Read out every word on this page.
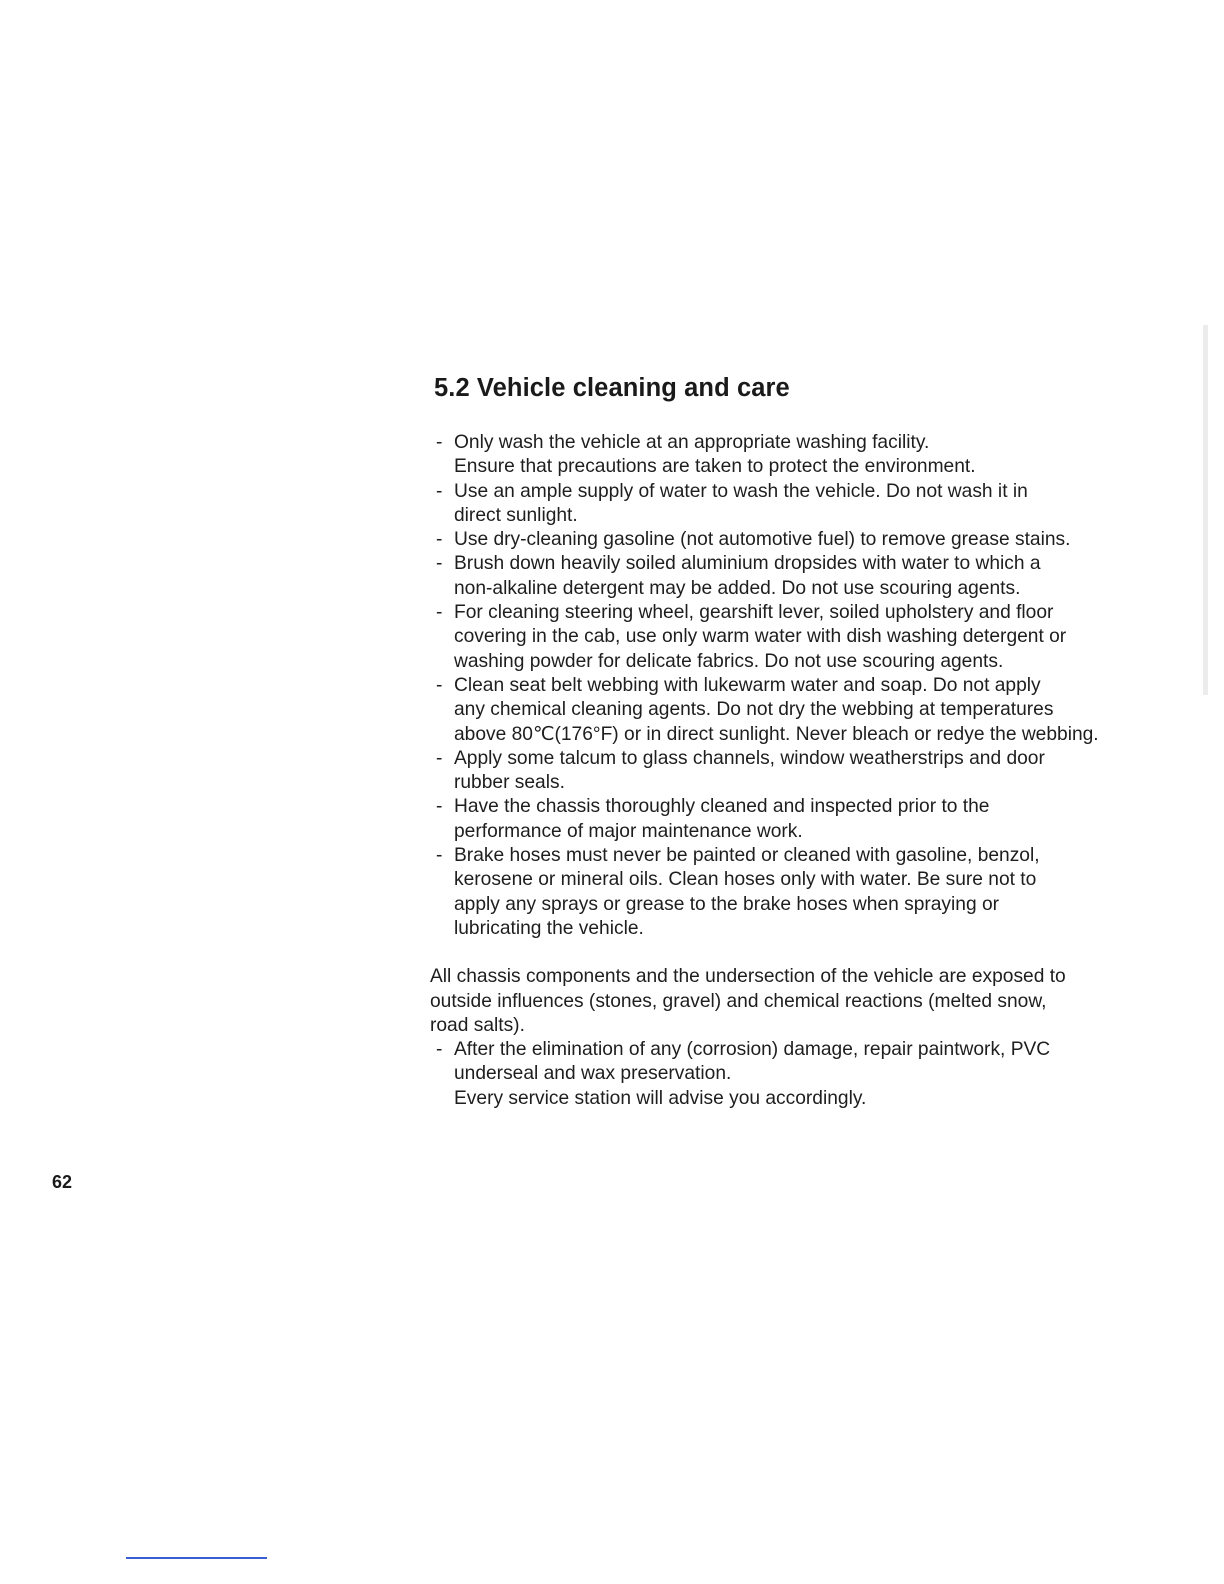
5.2 Vehicle cleaning and care
- Only wash the vehicle at an appropriate washing facility.
Ensure that precautions are taken to protect the environment.
- Use an ample supply of water to wash the vehicle. Do not wash it in
direct sunlight.
- Use dry-cleaning gasoline (not automotive fuel) to remove grease stains.
- Brush down heavily soiled aluminium dropsides with water to which a
non-alkaline detergent may be added. Do not use scouring agents.
- For cleaning steering wheel, gearshift lever, soiled upholstery and floor
covering in the cab, use only warm water with dish washing detergent or
washing powder for delicate fabrics. Do not use scouring agents.
- Clean seat belt webbing with lukewarm water and soap. Do not apply
any chemical cleaning agents. Do not dry the webbing at temperatures
above 80℃(176°F) or in direct sunlight. Never bleach or redye the webbing.
- Apply some talcum to glass channels, window weatherstrips and door
rubber seals.
- Have the chassis thoroughly cleaned and inspected prior to the
performance of major maintenance work.
- Brake hoses must never be painted or cleaned with gasoline, benzol,
kerosene or mineral oils. Clean hoses only with water. Be sure not to
apply any sprays or grease to the brake hoses when spraying or
lubricating the vehicle.
All chassis components and the undersection of the vehicle are exposed to
outside influences (stones, gravel) and chemical reactions (melted snow,
road salts).
- After the elimination of any (corrosion) damage, repair paintwork, PVC
underseal and wax preservation.
Every service station will advise you accordingly.
62
